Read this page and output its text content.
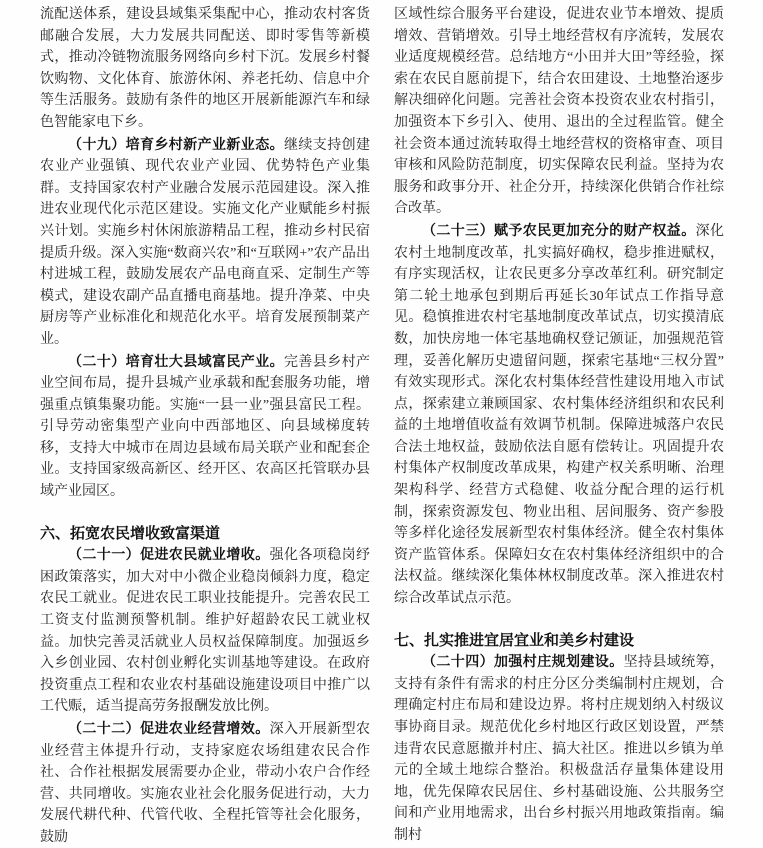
流配送体系，建设县域集采集配中心，推动农村客货邮融合发展，大力发展共同配送、即时零售等新模式，推动冷链物流服务网络向乡村下沉。发展乡村餐饮购物、文化体育、旅游休闲、养老托幼、信息中介等生活服务。鼓励有条件的地区开展新能源汽车和绿色智能家电下乡。

（十九）培育乡村新产业新业态。继续支持创建农业产业强镇、现代农业产业园、优势特色产业集群。支持国家农村产业融合发展示范园建设。深入推进农业现代化示范区建设。实施文化产业赋能乡村振兴计划。实施乡村休闲旅游精品工程，推动乡村民宿提质升级。深入实施“数商兴农”和“互联网+”农产品出村进城工程，鼓励发展农产品电商直采、定制生产等模式，建设农副产品直播电商基地。提升净菜、中央厨房等产业标准化和规范化水平。培育发展预制菜产业。

（二十）培育壮大县域富民产业。完善县乡村产业空间布局，提升县城产业承载和配套服务功能，增强重点镇集聚功能。实施“一县一业”强县富民工程。引导劳动密集型产业向中西部地区、向县域梯度转移，支持大中城市在周边县域布局关联产业和配套企业。支持国家级高新区、经开区、农高区托管联办县域产业园区。

六、拓宽农民增收致富渠道

（二十一）促进农民就业增收。强化各项稳岗纾困政策落实，加大对中小微企业稳岗倾斜力度，稳定农民工就业。促进农民工职业技能提升。完善农民工工资支付监测预警机制。维护好超龄农民工就业权益。加快完善灵活就业人员权益保障制度。加强返乡入乡创业园、农村创业孵化实训基地等建设。在政府投资重点工程和农业农村基础设施建设项目中推广以工代赈，适当提高劳务报酬发放比例。

（二十二）促进农业经营增效。深入开展新型农业经营主体提升行动，支持家庭农场组建农民合作社、合作社根据发展需要办企业，带动小农户合作经营、共同增收。实施农业社会化服务促进行动，大力发展代耕代种、代管代收、全程托管等社会化服务，鼓励

区域性综合服务平台建设，促进农业节本增效、提质增效、营销增效。引导土地经营权有序流转，发展农业适度规模经营。总结地方“小田并大田”等经验，探索在农民自愿前提下，结合农田建设、土地整治逐步解决细碎化问题。完善社会资本投资农业农村指引，加强资本下乡引入、使用、退出的全过程监管。健全社会资本通过流转取得土地经营权的资格审查、项目审核和风险防范制度，切实保障农民利益。坚持为农服务和政事分开、社企分开，持续深化供销合作社综合改革。

（二十三）赋予农民更加充分的财产权益。深化农村土地制度改革，扎实搞好确权，稳步推进赋权，有序实现活权，让农民更多分享改革红利。研究制定第二轮土地承包到期后再延长30年试点工作指导意见。稳慎推进农村宅基地制度改革试点，切实摸清底数，加快房地一体宅基地确权登记颁证，加强规范管理，妥善化解历史遗留问题，探索宅基地“三权分置”有效实现形式。深化农村集体经营性建设用地入市试点，探索建立兼顾国家、农村集体经济组织和农民利益的土地增值收益有效调节机制。保障进城落户农民合法土地权益，鼓励依法自愿有偿转让。巩固提升农村集体产权制度改革成果，构建产权关系明晰、治理架构科学、经营方式稳健、收益分配合理的运行机制，探索资源发包、物业出租、居间服务、资产参股等多样化途径发展新型农村集体经济。健全农村集体资产监管体系。保障妇女在农村集体经济组织中的合法权益。继续深化集体林权制度改革。深入推进农村综合改革试点示范。

七、扎实推进宜居宜业和美乡村建设

（二十四）加强村庄规划建设。坚持县域统筹，支持有条件有需求的村庄分区分类编制村庄规划，合理确定村庄布局和建设边界。将村庄规划纳入村级议事协商目录。规范优化乡村地区行政区划设置，严禁违背农民意愿撤并村庄、搞大社区。推进以乡镇为单元的全域土地综合整治。积极盘活存量集体建设用地，优先保障农民居住、乡村基础设施、公共服务空间和产业用地需求，出台乡村振兴用地政策指南。编制村
